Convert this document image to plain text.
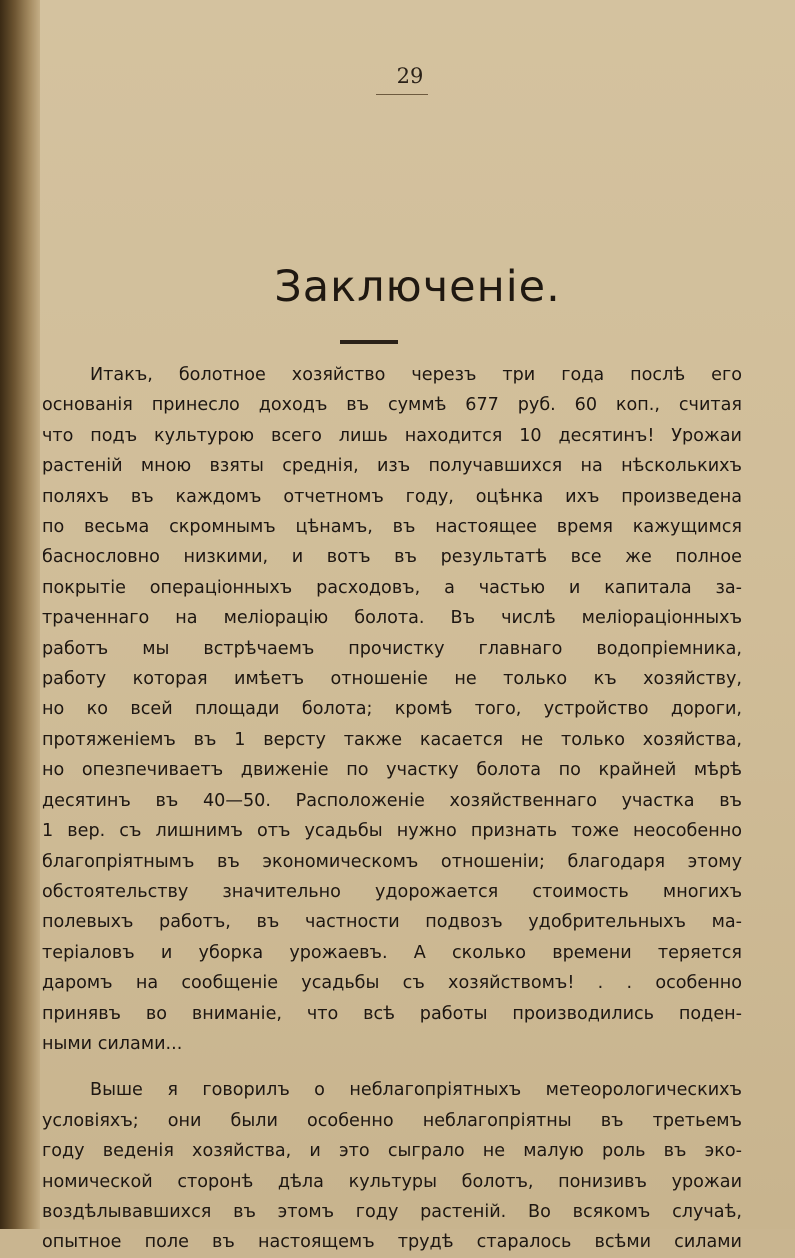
29
Заключенiе.
Итакъ, болотное хозяйство черезъ три года послѣ его
основанія принесло доходъ въ суммѣ 677 руб. 60 коп., считая
что подъ культурою всего лишь находится 10 десятинъ! Урожаи
растеній мною взяты среднія, изъ получавшихся на нѣсколькихъ
поляхъ въ каждомъ отчетномъ году, оцѣнка ихъ произведена
по весьма скромнымъ цѣнамъ, въ настоящее время кажущимся
баснословно низкими, и вотъ въ результатѣ все же полное
покрытіе операціонныхъ расходовъ, а частью и капитала за-
траченнаго на меліорацію болота. Въ числѣ меліораціонныхъ
работъ мы встрѣчаемъ прочистку главнаго водопріемника,
работу которая имѣетъ отношеніе не только къ хозяйству,
но ко всей площади болота; кромѣ того, устройство дороги,
протяженіемъ въ 1 версту также касается не только хозяйства,
но опезпечиваетъ движеніе по участку болота по крайней мѣрѣ
десятинъ въ 40—50. Расположеніе хозяйственнаго участка въ
1 вер. съ лишнимъ отъ усадьбы нужно признать тоже неособенно
благопріятнымъ въ экономическомъ отношеніи; благодаря этому
обстоятельству значительно удорожается стоимость многихъ
полевыхъ работъ, въ частности подвозъ удобрительныхъ ма-
теріаловъ и уборка урожаевъ. А сколько времени теряется
даромъ на сообщеніе усадьбы съ хозяйствомъ! . . особенно
принявъ во вниманіе, что всѣ работы производились поден-
ными силами...
Выше я говорилъ о неблагопріятныхъ метеорологическихъ
условіяхъ; они были особенно неблагопріятны въ третьемъ
году веденія хозяйства, и это сыграло не малую роль въ эко-
номической сторонѣ дѣла культуры болотъ, понизивъ урожаи
воздѣлывавшихся въ этомъ году растеній. Во всякомъ случаѣ,
опытное поле въ настоящемъ трудѣ старалось всѣми силами
